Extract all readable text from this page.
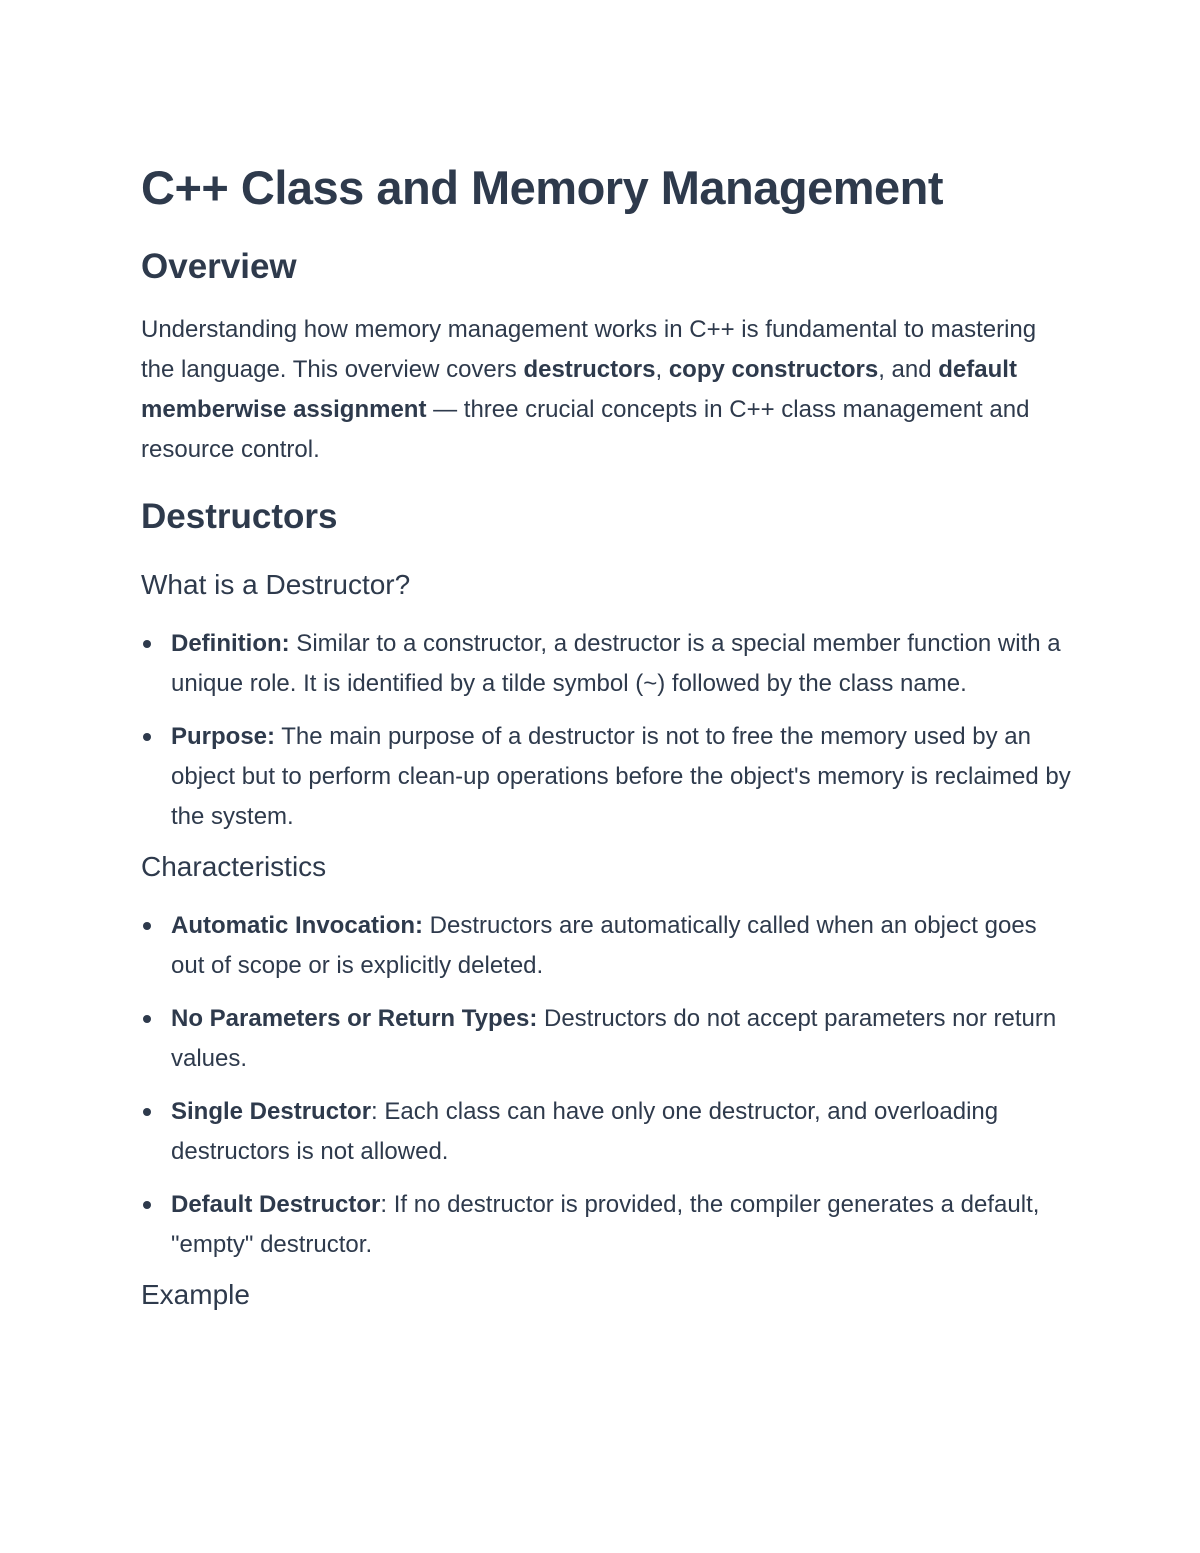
C++ Class and Memory Management
Overview

Understanding how memory management works in C++ is fundamental to mastering the language. This overview covers destructors, copy constructors, and default memberwise assignment — three crucial concepts in C++ class management and resource control.

Destructors
What is a Destructor?
Definition: Similar to a constructor, a destructor is a special member function with a unique role. It is identified by a tilde symbol (~) followed by the class name.
Purpose: The main purpose of a destructor is not to free the memory used by an object but to perform clean-up operations before the object's memory is reclaimed by the system.
Characteristics
Automatic Invocation: Destructors are automatically called when an object goes out of scope or is explicitly deleted.
No Parameters or Return Types: Destructors do not accept parameters nor return values.
Single Destructor: Each class can have only one destructor, and overloading destructors is not allowed.
Default Destructor: If no destructor is provided, the compiler generates a default, "empty" destructor.
Example
